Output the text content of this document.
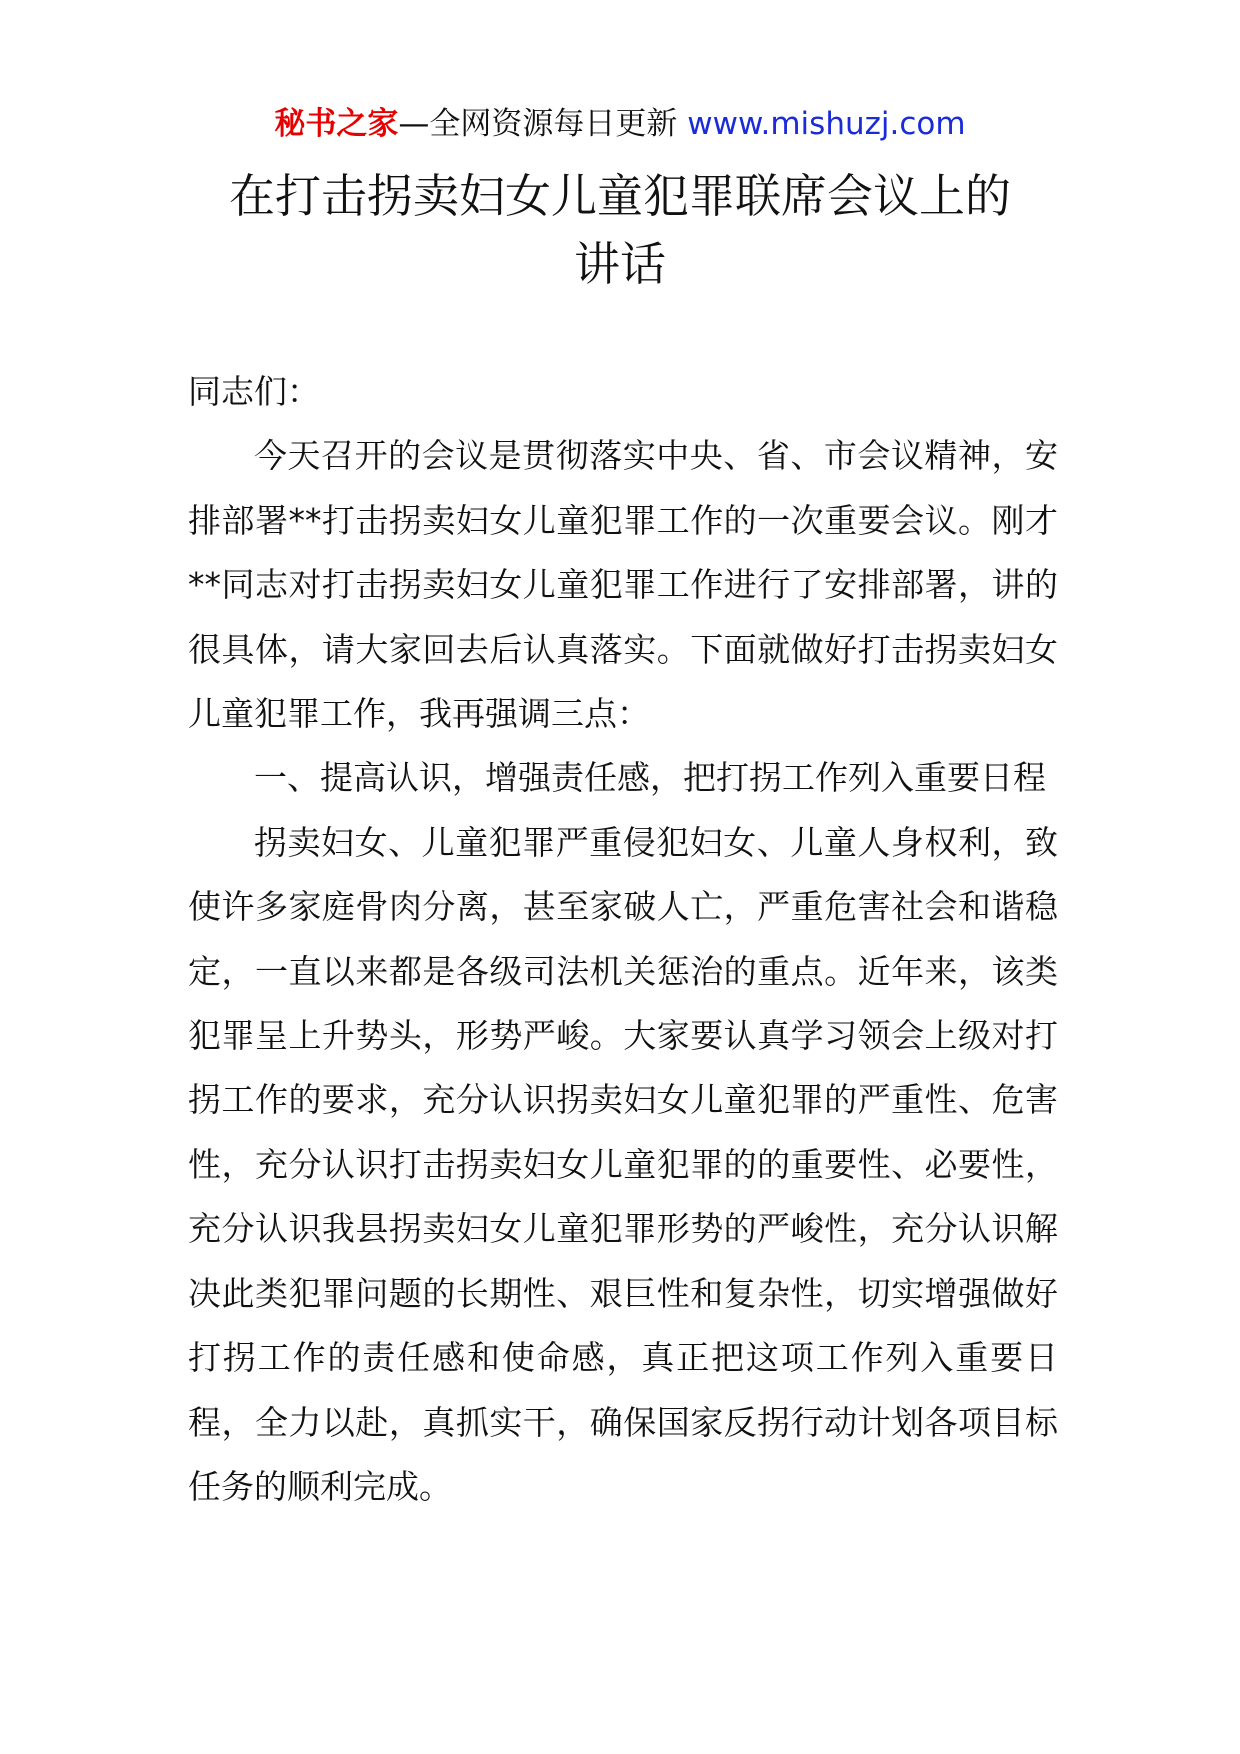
秘书之家—全网资源每日更新 www.mishuzj.com
在打击拐卖妇女儿童犯罪联席会议上的
讲话

同志们：

今天召开的会议是贯彻落实中央、省、市会议精神，安排部署**打击拐卖妇女儿童犯罪工作的一次重要会议。刚才**同志对打击拐卖妇女儿童犯罪工作进行了安排部署，讲的很具体，请大家回去后认真落实。下面就做好打击拐卖妇女儿童犯罪工作，我再强调三点：

一、提高认识，增强责任感，把打拐工作列入重要日程

拐卖妇女、儿童犯罪严重侵犯妇女、儿童人身权利，致使许多家庭骨肉分离，甚至家破人亡，严重危害社会和谐稳定，一直以来都是各级司法机关惩治的重点。近年来，该类犯罪呈上升势头，形势严峻。大家要认真学习领会上级对打拐工作的要求，充分认识拐卖妇女儿童犯罪的严重性、危害性，充分认识打击拐卖妇女儿童犯罪的的重要性、必要性，充分认识我县拐卖妇女儿童犯罪形势的严峻性，充分认识解决此类犯罪问题的长期性、艰巨性和复杂性，切实增强做好打拐工作的责任感和使命感，真正把这项工作列入重要日程，全力以赴，真抓实干，确保国家反拐行动计划各项目标任务的顺利完成。
